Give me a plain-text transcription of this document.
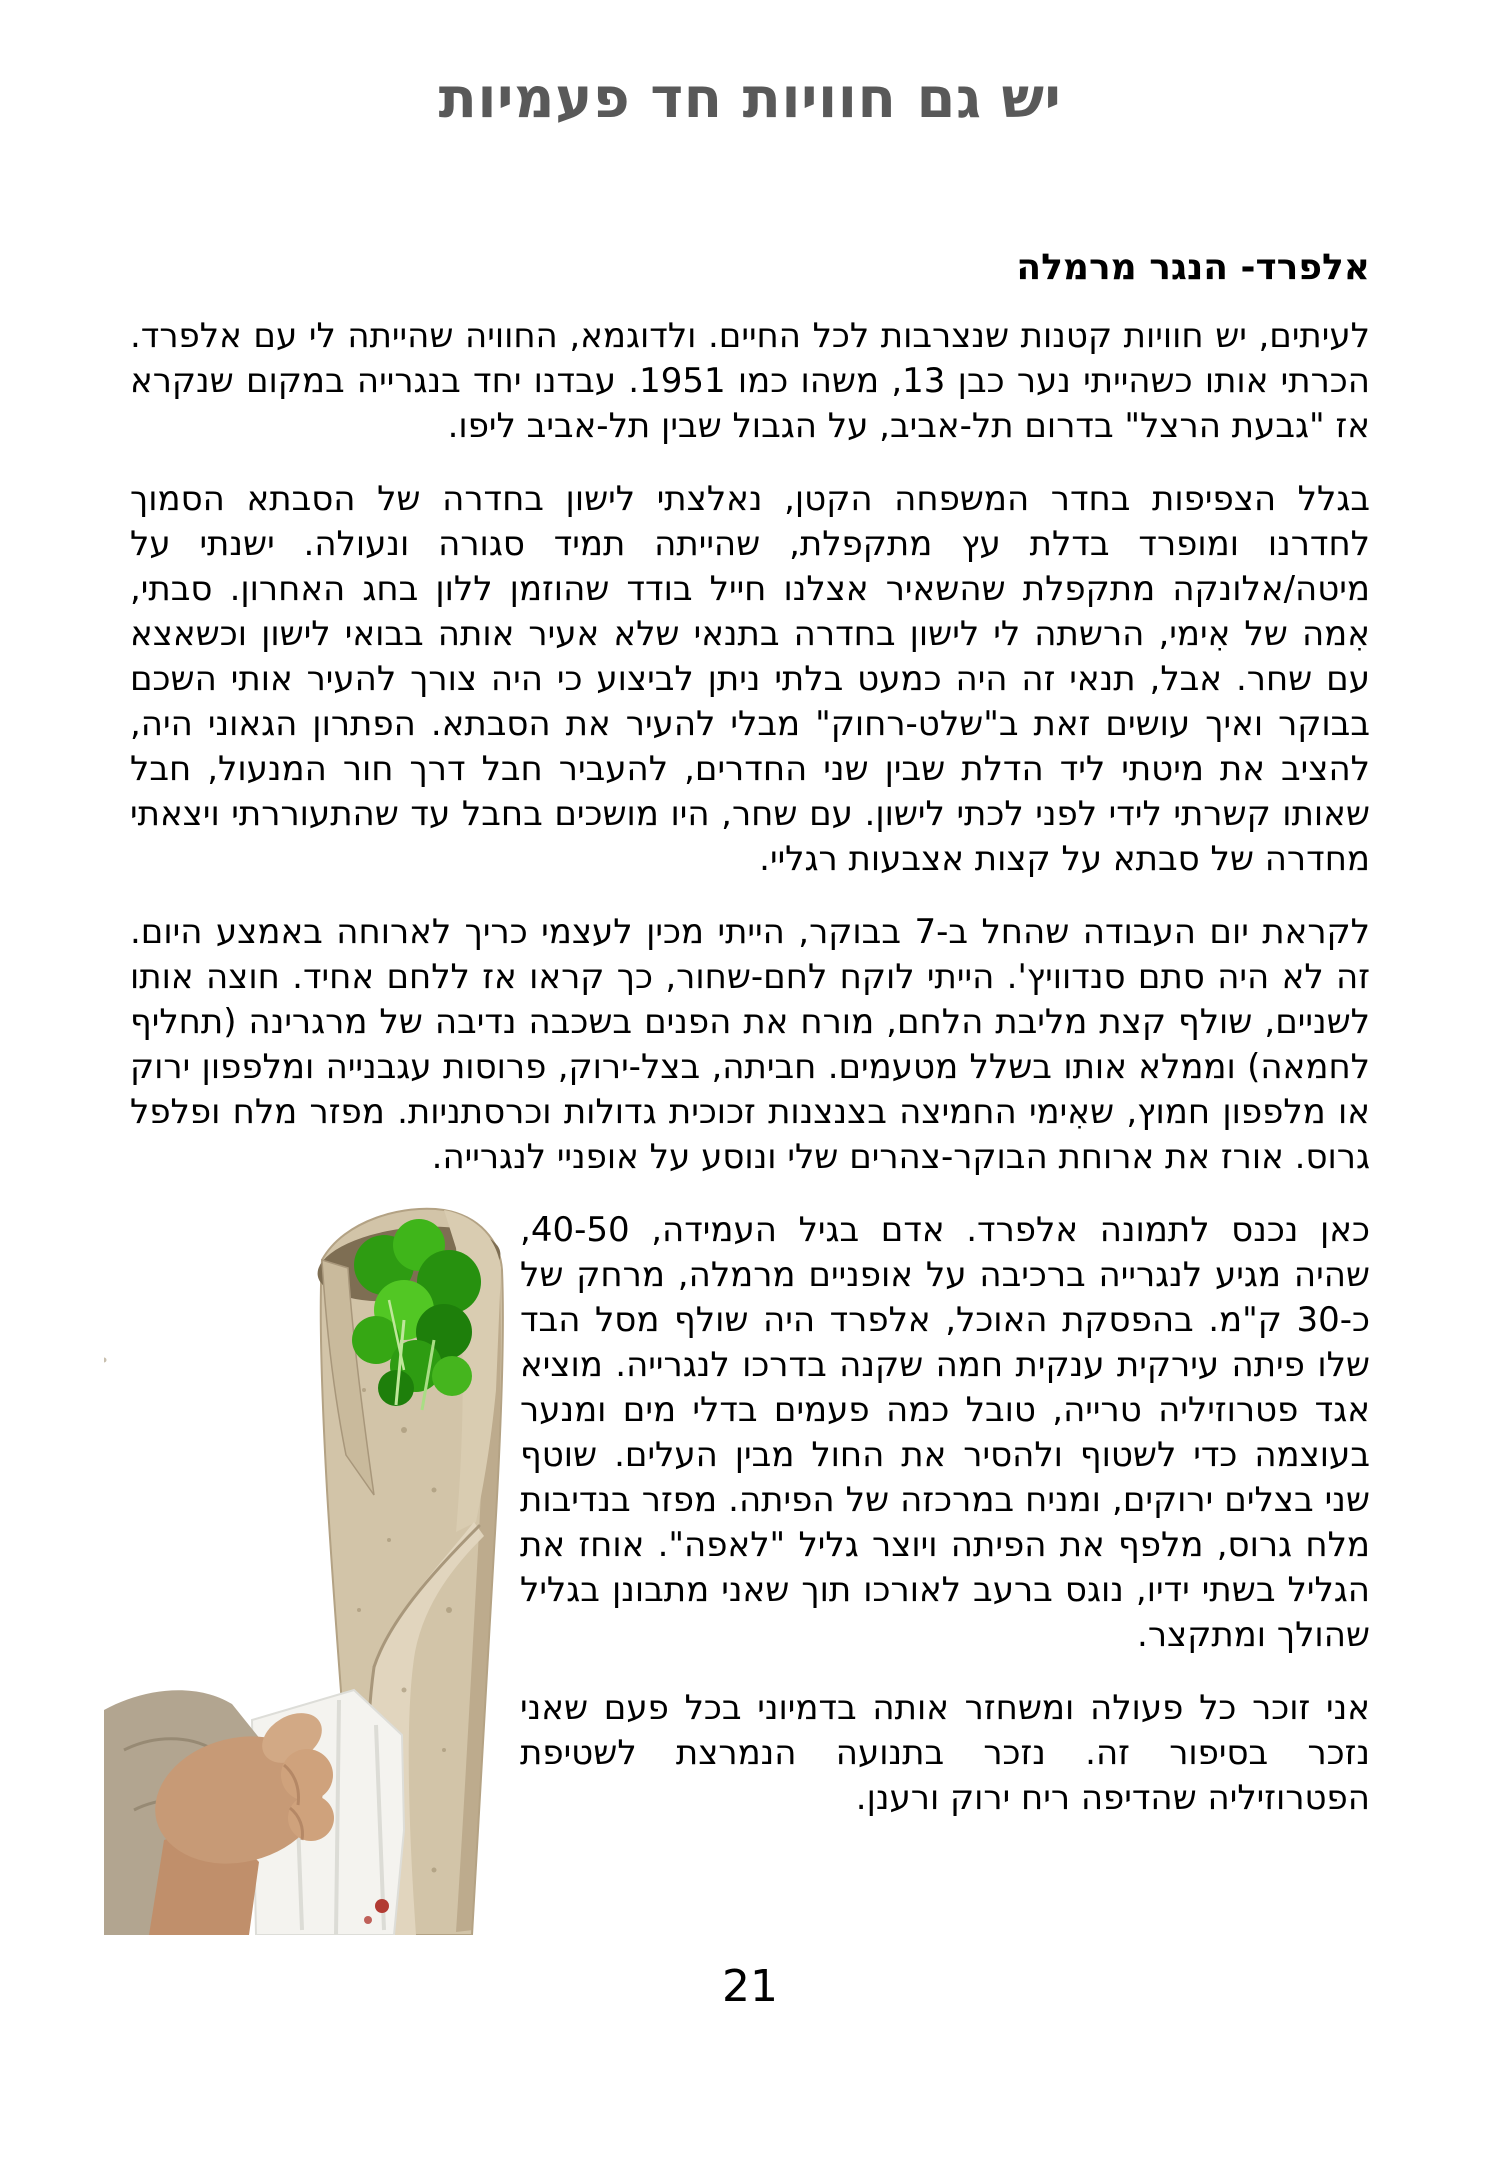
יש גם חוויות חד פעמיות
אלפרד- הנגר מרמלה

לעיתים, יש חוויות קטנות שנצרבות לכל החיים. ולדוגמא, החוויה שהייתה לי עם אלפרד. הכרתי אותו כשהייתי נער כבן 13, משהו כמו 1951. עבדנו יחד בנגרייה במקום שנקרא אז "גבעת הרצל" בדרום תל-אביב, על הגבול שבין תל-אביב ליפו.

בגלל הצפיפות בחדר המשפחה הקטן, נאלצתי לישון בחדרה של הסבתא הסמוך לחדרנו ומופרד בדלת עץ מתקפלת, שהייתה תמיד סגורה ונעולה. ישנתי על מיטה/אלונקה מתקפלת שהשאיר אצלנו חייל בודד שהוזמן ללון בחג האחרון. סבתי, אִמה של אִימי, הרשתה לי לישון בחדרה בתנאי שלא אעיר אותה בבואי לישון וכשאצא עם שחר. אבל, תנאי זה היה כמעט בלתי ניתן לביצוע כי היה צורך להעיר אותי השכם בבוקר ואיך עושים זאת ב"שלט-רחוק" מבלי להעיר את הסבתא. הפתרון הגאוני היה, להציב את מיטתי ליד הדלת שבין שני החדרים, להעביר חבל דרך חור המנעול, חבל שאותו קשרתי לידי לפני לכתי לישון. עם שחר, היו מושכים בחבל עד שהתעוררתי ויצאתי מחדרה של סבתא על קצות אצבעות רגליי.

לקראת יום העבודה שהחל ב-7 בבוקר, הייתי מכין לעצמי כריך לארוחה באמצע היום. זה לא היה סתם סנדוויץ'. הייתי לוקח לחם-שחור, כך קראו אז ללחם אחיד. חוצה אותו לשניים, שולף קצת מליבת הלחם, מורח את הפנים בשכבה נדיבה של מרגרינה (תחליף לחמאה) וממלא אותו בשלל מטעמים. חביתה, בצל-ירוק, פרוסות עגבנייה ומלפפון ירוק או מלפפון חמוץ, שאִימי החמיצה בצנצנות זכוכית גדולות וכרסתניות. מפזר מלח ופלפל גרוס. אורז את ארוחת הבוקר-צהרים שלי ונוסע על אופניי לנגרייה.

כאן נכנס לתמונה אלפרד. אדם בגיל העמידה, 40-50, שהיה מגיע לנגרייה ברכיבה על אופניים מרמלה, מרחק של כ-30 ק"מ. בהפסקת האוכל, אלפרד היה שולף מסל הבד שלו פיתה עירקית ענקית חמה שקנה בדרכו לנגרייה. מוציא אגד פטרוזיליה טרייה, טובל כמה פעמים בדלי מים ומנער בעוצמה כדי לשטוף ולהסיר את החול מבין העלים. שוטף שני בצלים ירוקים, ומניח במרכזה של הפיתה. מפזר בנדיבות מלח גרוס, מלפף את הפיתה ויוצר גליל "לאפה". אוחז את הגליל בשתי ידיו, נוגס ברעב לאורכו תוך שאני מתבונן בגליל שהולך ומתקצר.

אני זוכר כל פעולה ומשחזר אותה בדמיוני בכל פעם שאני נזכר בסיפור זה. נזכר בתנועה הנמרצת לשטיפת הפטרוזיליה שהדיפה ריח ירוק ורענן.

21
